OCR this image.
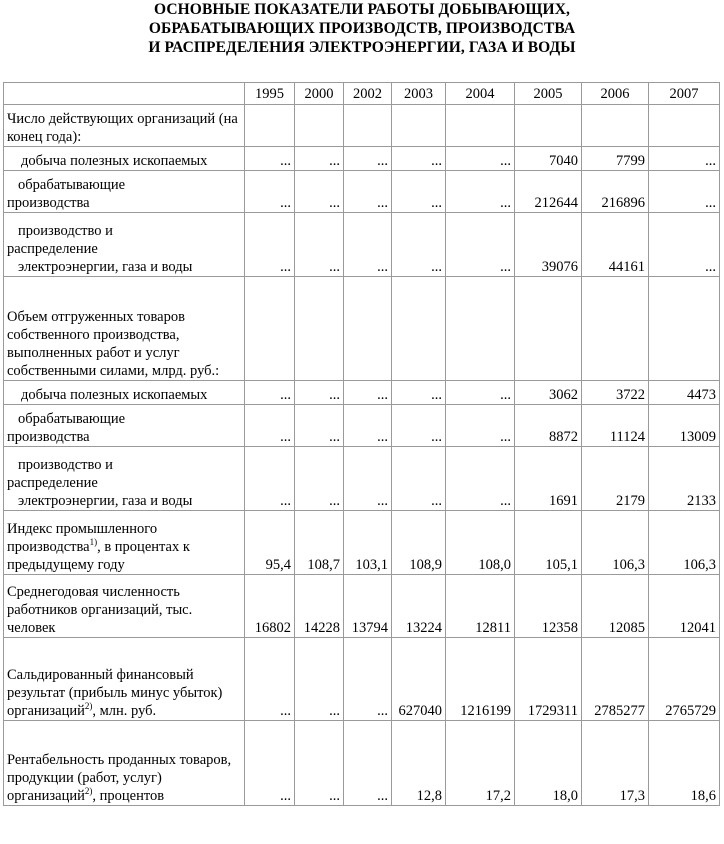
ОСНОВНЫЕ ПОКАЗАТЕЛИ РАБОТЫ ДОБЫВАЮЩИХ,
ОБРАБАТЫВАЮЩИХ ПРОИЗВОДСТВ, ПРОИЗВОДСТВА
И РАСПРЕДЕЛЕНИЯ ЭЛЕКТРОЭНЕРГИИ, ГАЗА И ВОДЫ
	1995	2000	2002	2003	2004	2005	2006	2007
Число действующих организаций (на конец года):								

добыча полезных ископаемых	...	...	...	...	...	7040	7799	...

обрабатывающие
производства	...	...	...	...	...	212644	216896	...

производство и
распределение
электроэнергии, газа и воды	...	...	...	...	...	39076	44161	...
Объем отгруженных товаров собственного производства, выполненных работ и услуг собственными силами, млрд. руб.:								

добыча полезных ископаемых	...	...	...	...	...	3062	3722	4473

обрабатывающие
производства	...	...	...	...	...	8872	11124	13009

производство и
распределение
электроэнергии, газа и воды	...	...	...	...	...	1691	2179	2133
Индекс промышленного производства$^{1)}$, в процентах к предыдущему году	95,4	108,7	103,1	108,9	108,0	105,1	106,3	106,3
Среднегодовая численность работников организаций, тыс. человек	16802	14228	13794	13224	12811	12358	12085	12041
Сальдированный финансовый результат (прибыль минус убыток) организаций$^{2)}$, млн. руб.	...	...	...	627040	1216199	1729311	2785277	2765729
Рентабельность проданных товаров, продукции (работ, услуг) организаций$^{2)}$, процентов	...	...	...	12,8	17,2	18,0	17,3	18,6
